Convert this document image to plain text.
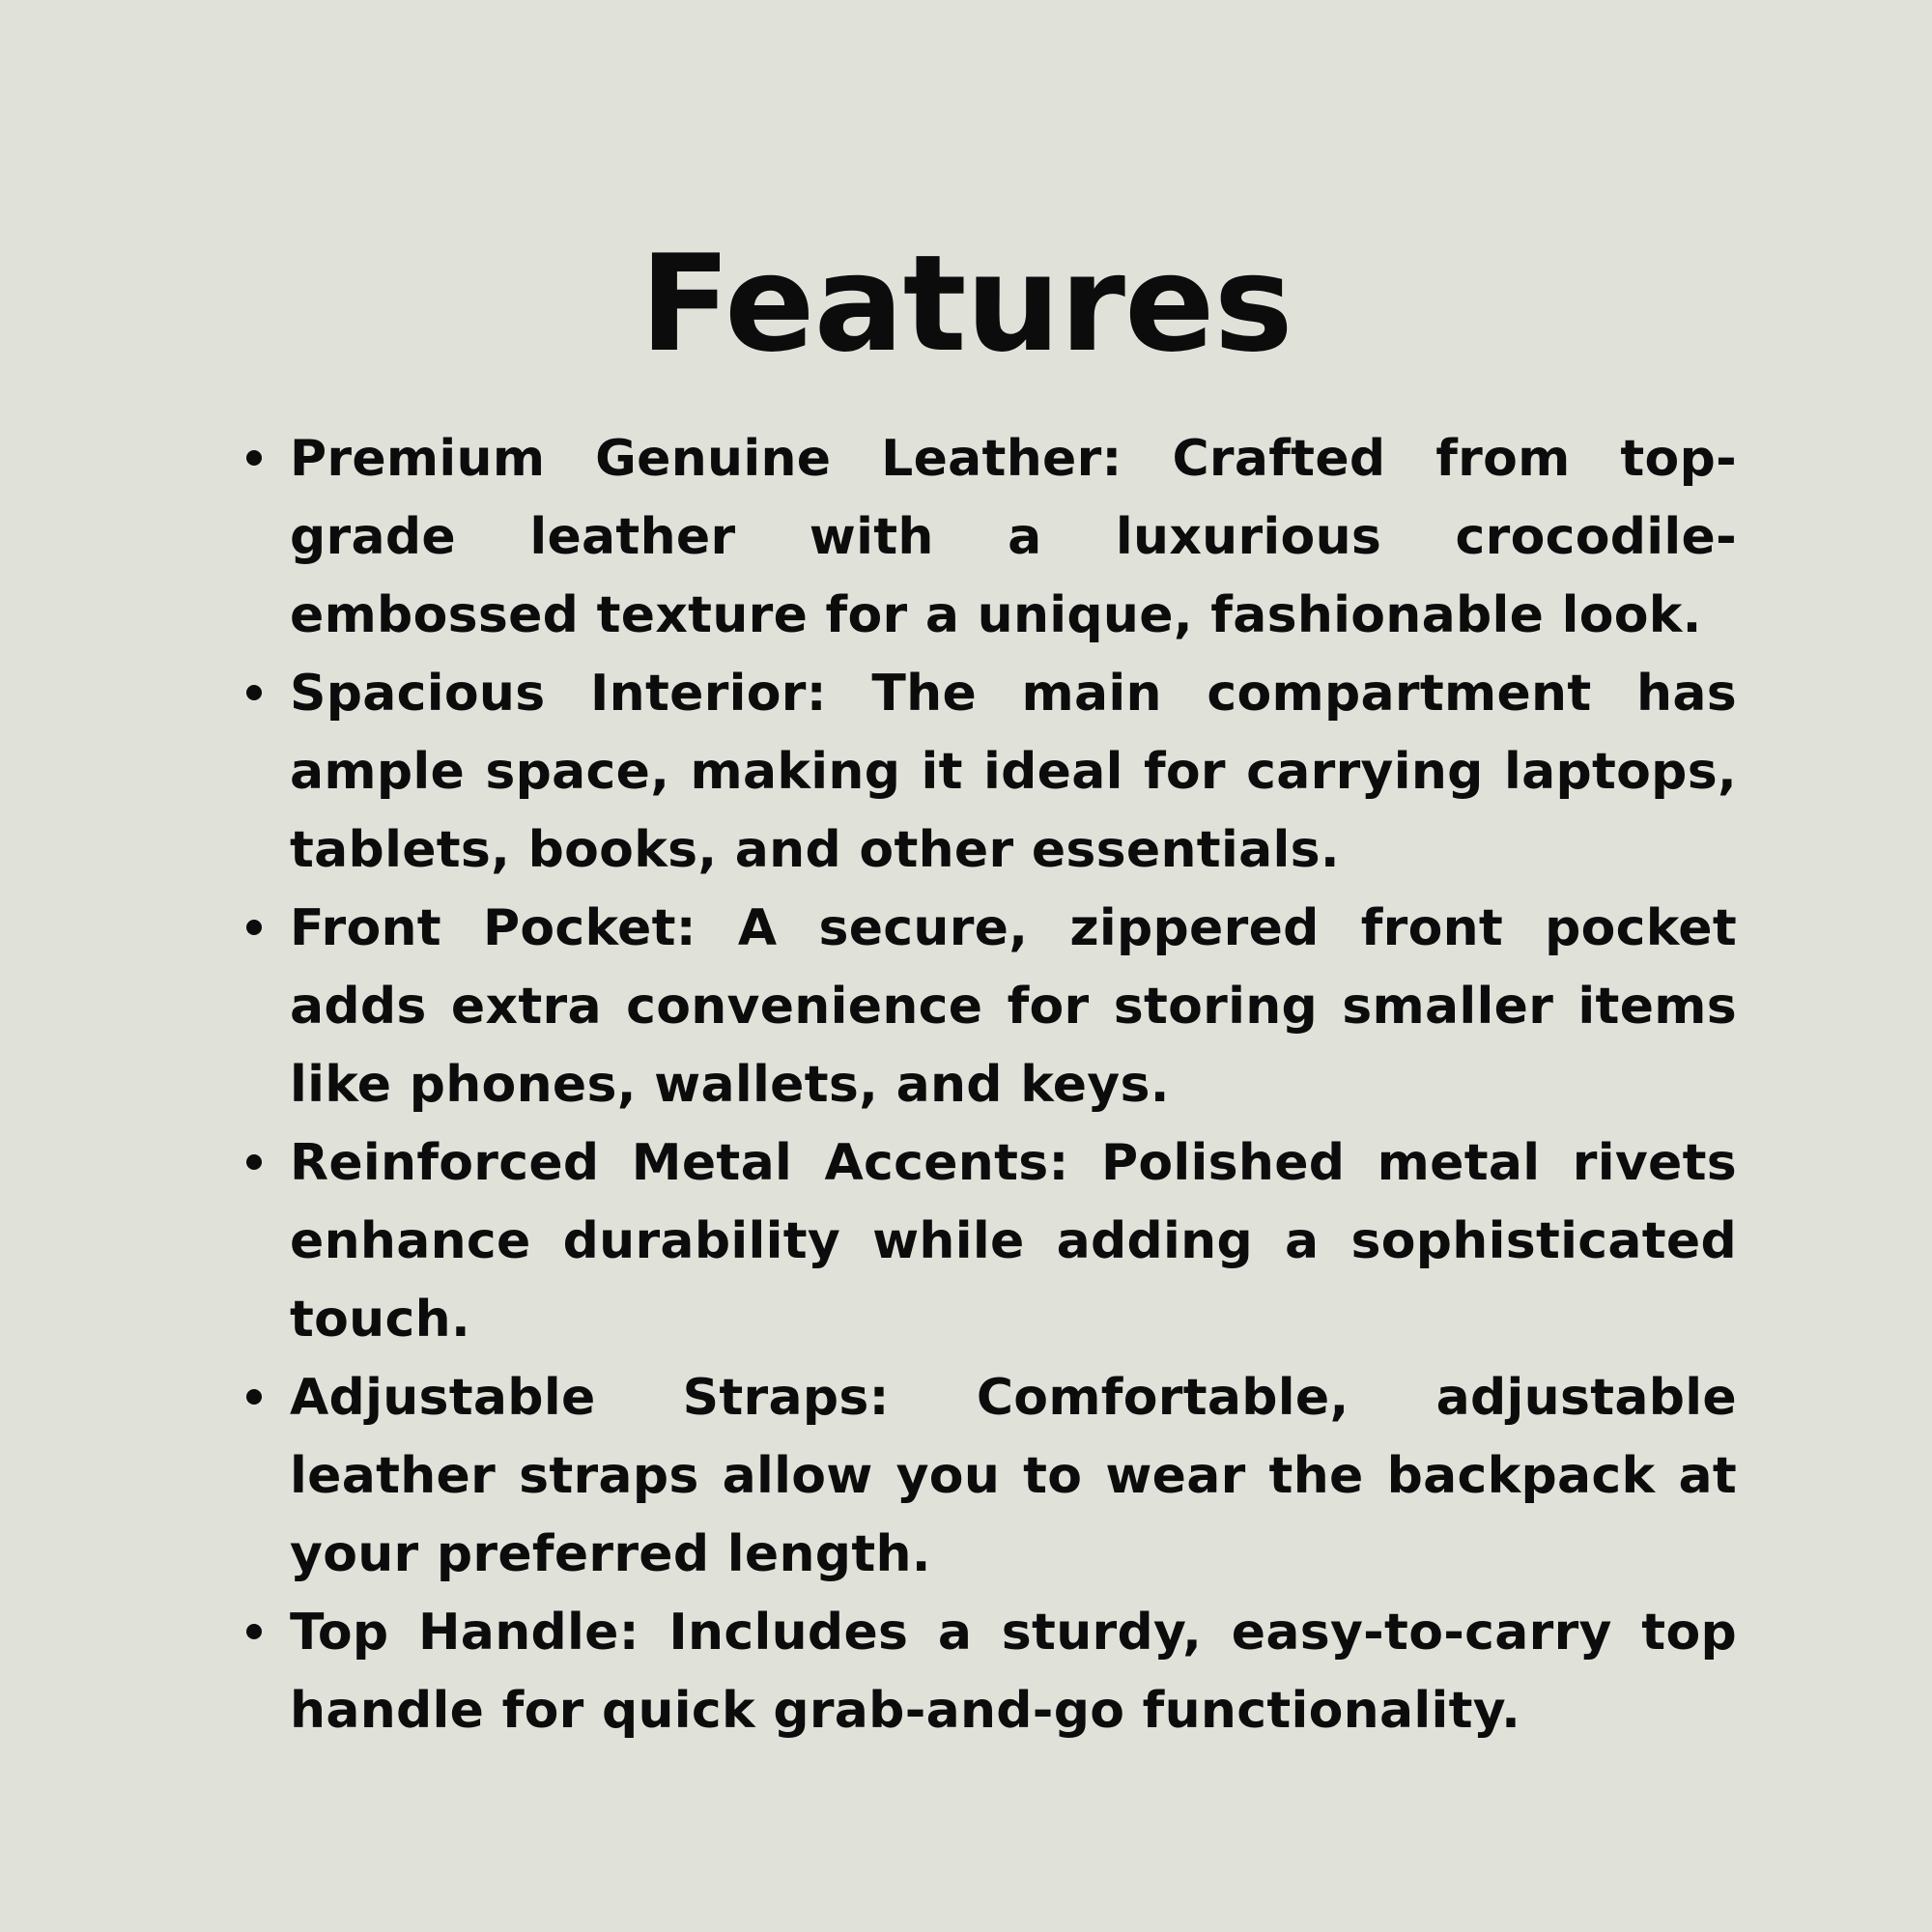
Features
Premium Genuine Leather: Crafted from top-grade leather with a luxurious crocodile-embossed texture for a unique, fashionable look.
Spacious Interior: The main compartment has ample space, making it ideal for carrying laptops, tablets, books, and other essentials.
Front Pocket: A secure, zippered front pocket adds extra convenience for storing smaller items like phones, wallets, and keys.
Reinforced Metal Accents: Polished metal rivets enhance durability while adding a sophisticated touch.
Adjustable Straps: Comfortable, adjustable leather straps allow you to wear the backpack at your preferred length.
Top Handle: Includes a sturdy, easy-to-carry top handle for quick grab-and-go functionality.
